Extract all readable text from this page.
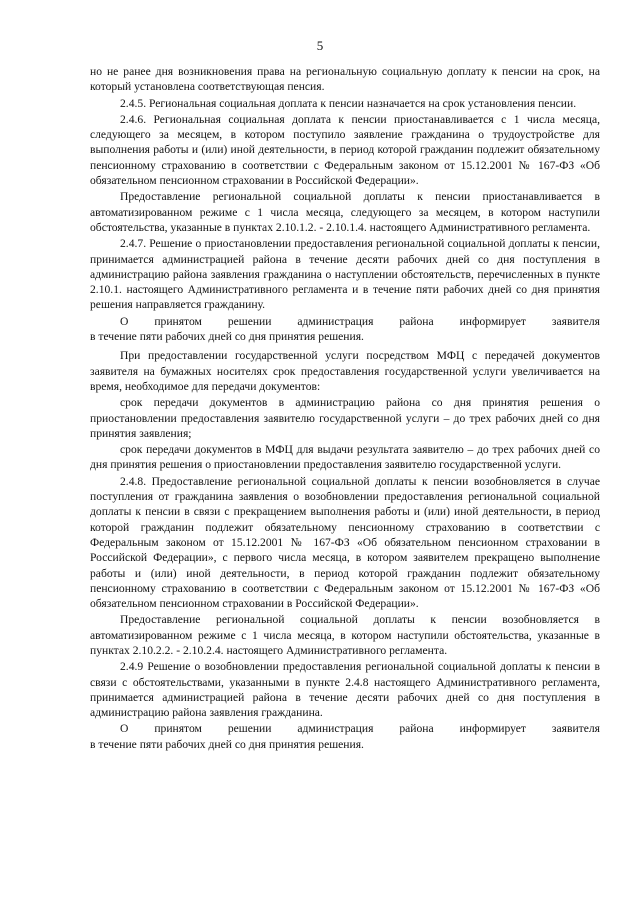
5

но не ранее дня возникновения права на региональную социальную доплату к пенсии на срок, на который установлена соответствующая пенсия.

2.4.5. Региональная социальная доплата к пенсии назначается на срок установления пенсии.

2.4.6. Региональная социальная доплата к пенсии приостанавливается с 1 числа месяца, следующего за месяцем, в котором поступило заявление гражданина о трудоустройстве для выполнения работы и (или) иной деятельности, в период которой гражданин подлежит обязательному пенсионному страхованию в соответствии с Федеральным законом от 15.12.2001 № 167-ФЗ «Об обязательном пенсионном страховании в Российской Федерации».

Предоставление региональной социальной доплаты к пенсии приостанавливается в автоматизированном режиме с 1 числа месяца, следующего за месяцем, в котором наступили обстоятельства, указанные в пунктах 2.10.1.2. - 2.10.1.4. настоящего Административного регламента.

2.4.7. Решение о приостановлении предоставления региональной социальной доплаты к пенсии, принимается администрацией района в течение десяти рабочих дней со дня поступления в администрацию района заявления гражданина о наступлении обстоятельств, перечисленных в пункте 2.10.1. настоящего Административного регламента и в течение пяти рабочих дней со дня принятия решения направляется гражданину.

О принятом решении администрация района информирует заявителя

в течение пяти рабочих дней со дня принятия решения.

При предоставлении государственной услуги посредством МФЦ с передачей документов заявителя на бумажных носителях срок предоставления государственной услуги увеличивается на время, необходимое для передачи документов:

срок передачи документов в администрацию района со дня принятия решения о приостановлении предоставления заявителю государственной услуги – до трех рабочих дней со дня принятия заявления;

срок передачи документов в МФЦ для выдачи результата заявителю – до трех рабочих дней со дня принятия решения о приостановлении предоставления заявителю государственной услуги.

2.4.8. Предоставление региональной социальной доплаты к пенсии возобновляется в случае поступления от гражданина заявления о возобновлении предоставления региональной социальной доплаты к пенсии в связи с прекращением выполнения работы и (или) иной деятельности, в период которой гражданин подлежит обязательному пенсионному страхованию в соответствии с Федеральным законом от 15.12.2001 № 167-ФЗ «Об обязательном пенсионном страховании в Российской Федерации», с первого числа месяца, в котором заявителем прекращено выполнение работы и (или) иной деятельности, в период которой гражданин подлежит обязательному пенсионному страхованию в соответствии с Федеральным законом от 15.12.2001 № 167-ФЗ «Об обязательном пенсионном страховании в Российской Федерации».

Предоставление региональной социальной доплаты к пенсии возобновляется в автоматизированном режиме с 1 числа месяца, в котором наступили обстоятельства, указанные в пунктах 2.10.2.2. - 2.10.2.4. настоящего Административного регламента.

2.4.9 Решение о возобновлении предоставления региональной социальной доплаты к пенсии в связи с обстоятельствами, указанными в пункте 2.4.8 настоящего Административного регламента, принимается администрацией района в течение десяти рабочих дней со дня поступления в администрацию района заявления гражданина.

О принятом решении администрация района информирует заявителя

в течение пяти рабочих дней со дня принятия решения.
